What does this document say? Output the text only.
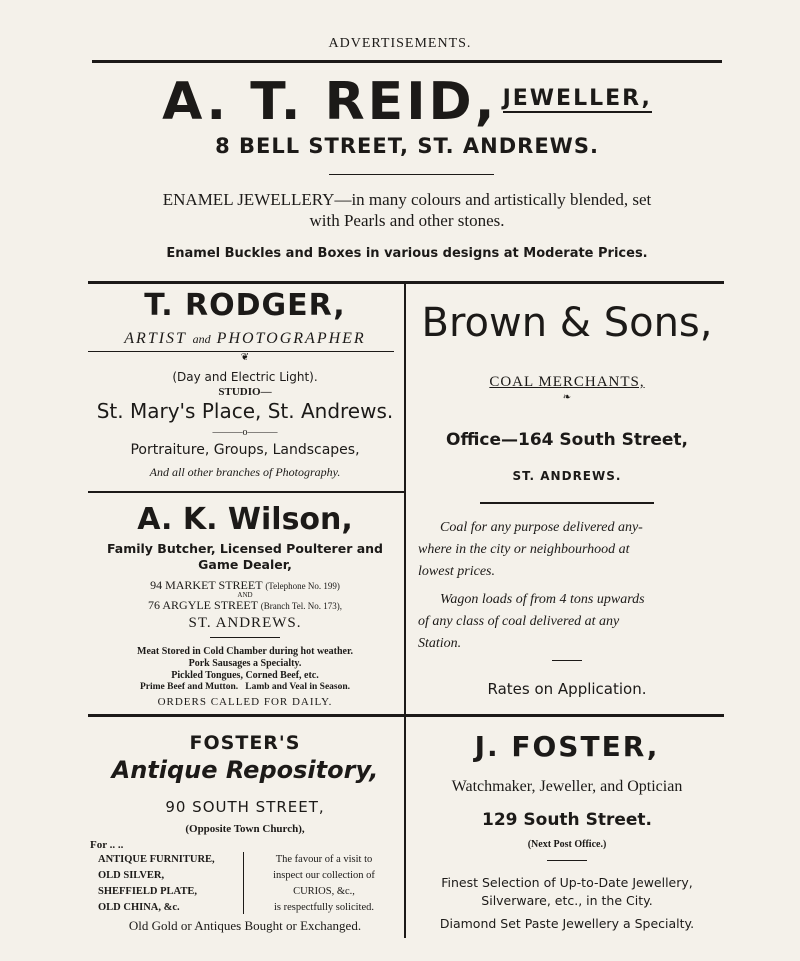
ADVERTISEMENTS.
A. T. REID, JEWELLER,
8 BELL STREET, ST. ANDREWS.
ENAMEL JEWELLERY—in many colours and artistically blended, set
with Pearls and other stones.
Enamel Buckles and Boxes in various designs at Moderate Prices.
T. RODGER,
ARTIST and PHOTOGRAPHER
❦
(Day and Electric Light).
STUDIO—
St. Mary's Place, St. Andrews.
———o———
Portraiture, Groups, Landscapes,
And all other branches of Photography.
A. K. Wilson,
Family Butcher, Licensed Poulterer and
Game Dealer,
94 MARKET STREET (Telephone No. 199)
AND
76 ARGYLE STREET (Branch Tel. No. 173),
ST. ANDREWS.
Meat Stored in Cold Chamber during hot weather.
Pork Sausages a Specialty.
Pickled Tongues, Corned Beef, etc.
Prime Beef and Mutton.   Lamb and Veal in Season.
ORDERS CALLED FOR DAILY.
Brown & Sons,
COAL MERCHANTS,
❧
Office—164 South Street,
ST. ANDREWS.
Coal for any purpose delivered any-
where in the city or neighbourhood at
lowest prices.
Wagon loads of from 4 tons upwards
of any class of coal delivered at any
Station.
Rates on Application.
FOSTER'S
Antique Repository,
90 SOUTH STREET,
(Opposite Town Church),
For .. ..
ANTIQUE FURNITURE,
OLD SILVER,
SHEFFIELD PLATE,
OLD CHINA, &c.
The favour of a visit to
inspect our collection of
CURIOS, &c.,
is respectfully solicited.
Old Gold or Antiques Bought or Exchanged.
J. FOSTER,
Watchmaker, Jeweller, and Optician
129 South Street.
(Next Post Office.)
Finest Selection of Up-to-Date Jewellery,
Silverware, etc., in the City.
Diamond Set Paste Jewellery a Specialty.
